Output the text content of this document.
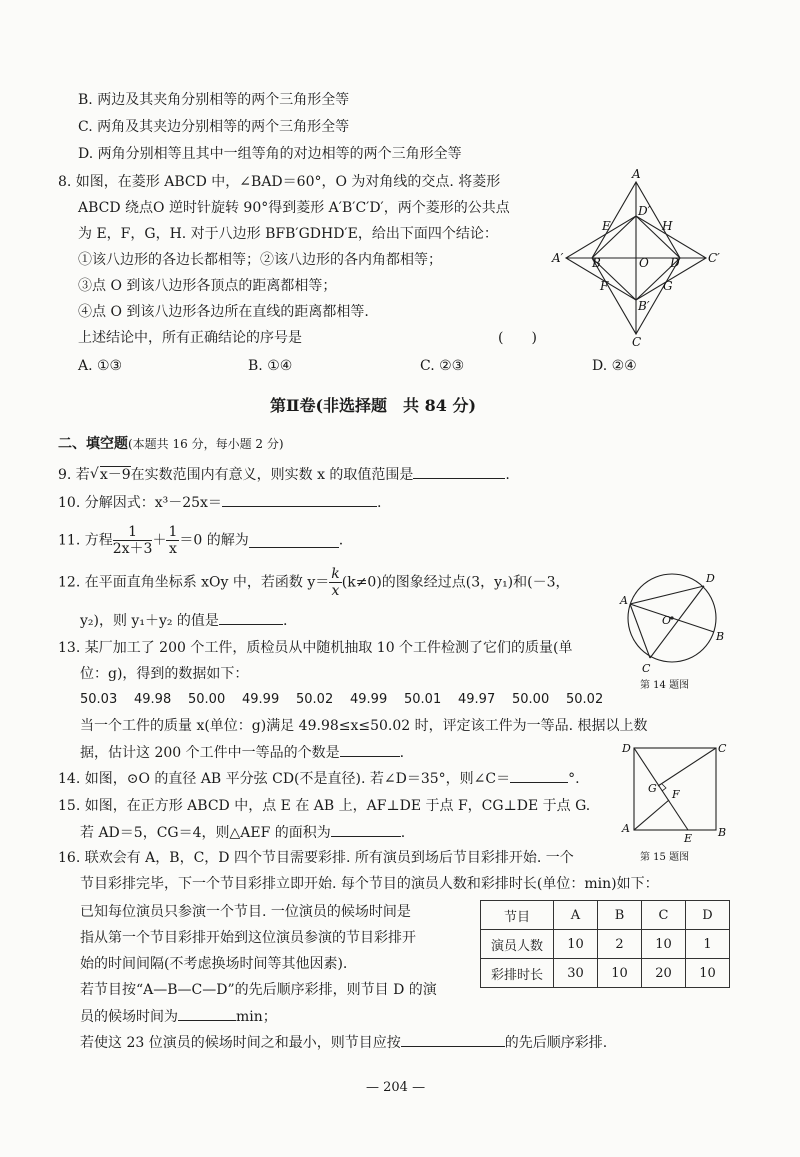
B. 两边及其夹角分别相等的两个三角形全等
C. 两角及其夹边分别相等的两个三角形全等
D. 两角分别相等且其中一组等角的对边相等的两个三角形全等
8. 如图，在菱形 ABCD 中，∠BAD＝60°，O 为对角线的交点. 将菱形
ABCD 绕点O 逆时针旋转 90°得到菱形 A′B′C′D′，两个菱形的公共点
为 E，F，G，H. 对于八边形 BFB′GDHD′E，给出下面四个结论：
①该八边形的各边长都相等；②该八边形的各内角都相等；
③点 O 到该八边形各顶点的距离都相等；
④点 O 到该八边形各边所在直线的距离都相等.
上述结论中，所有正确结论的序号是	(　　)
A. ①③	B. ①④	C. ②③	D. ②④
A
B
C
D
A′
B′
C′
D′
E
F	G
H
O
第Ⅱ卷(非选择题　共 84 分)
二、填空题(本题共 16 分，每小题 2 分)
9. 若 √ x－9在实数范围内有意义，则实数 x 的取值范围是	.
10. 分解因式：x³－25x＝	.
11. 方程 $\frac{1}{2x+3} + \frac{1}{x} =0$ 的解为	.
12. 在平面直角坐标系 xOy 中，若函数 $y= \frac{k}{x} (k\ne 0)$的图象经过点(3，y₁)和(－3，
y₂)，则 y₁＋y₂ 的值是	.
13. 某厂加工了 200 个工件，质检员从中随机抽取 10 个工件检测了它们的质量(单
位：g)，得到的数据如下：
50.03 49.98 50.00 49.99 50.02 49.99 50.01 49.97 50.00 50.02
当一个工件的质量 x(单位：g)满足 49.98≤x≤50.02 时，评定该工件为一等品. 根据以上数
据，估计这 200 个工件中一等品的个数是	.
A
B
C
D
O
第 14 题图
14. 如图，⊙O 的直径 AB 平分弦 CD(不是直径). 若∠D＝35°，则∠C＝	°.
A	B
C
D
E
F
G
第 15 题图
15. 如图，在正方形 ABCD 中，点 E 在 AB 上，AF⊥DE 于点 F，CG⊥DE 于点 G.
若 AD＝5，CG＝4，则△AEF 的面积为	.
16. 联欢会有 A，B，C，D 四个节目需要彩排. 所有演员到场后节目彩排开始. 一个
节目彩排完毕，下一个节目彩排立即开始. 每个节目的演员人数和彩排时长(单位：min)如下：
已知每位演员只参演一个节目. 一位演员的候场时间是
指从第一个节目彩排开始到这位演员参演的节目彩排开
始的时间间隔(不考虑换场时间等其他因素).
若节目按“A—B—C—D”的先后顺序彩排，则节目 D 的演
员的候场时间为	min；
若使这 23 位演员的候场时间之和最小，则节目应按	的先后顺序彩排.
节目	A	B	C	D
演员人数	10	2	10	1
彩排时长	30	10	20	10
— 204 —
